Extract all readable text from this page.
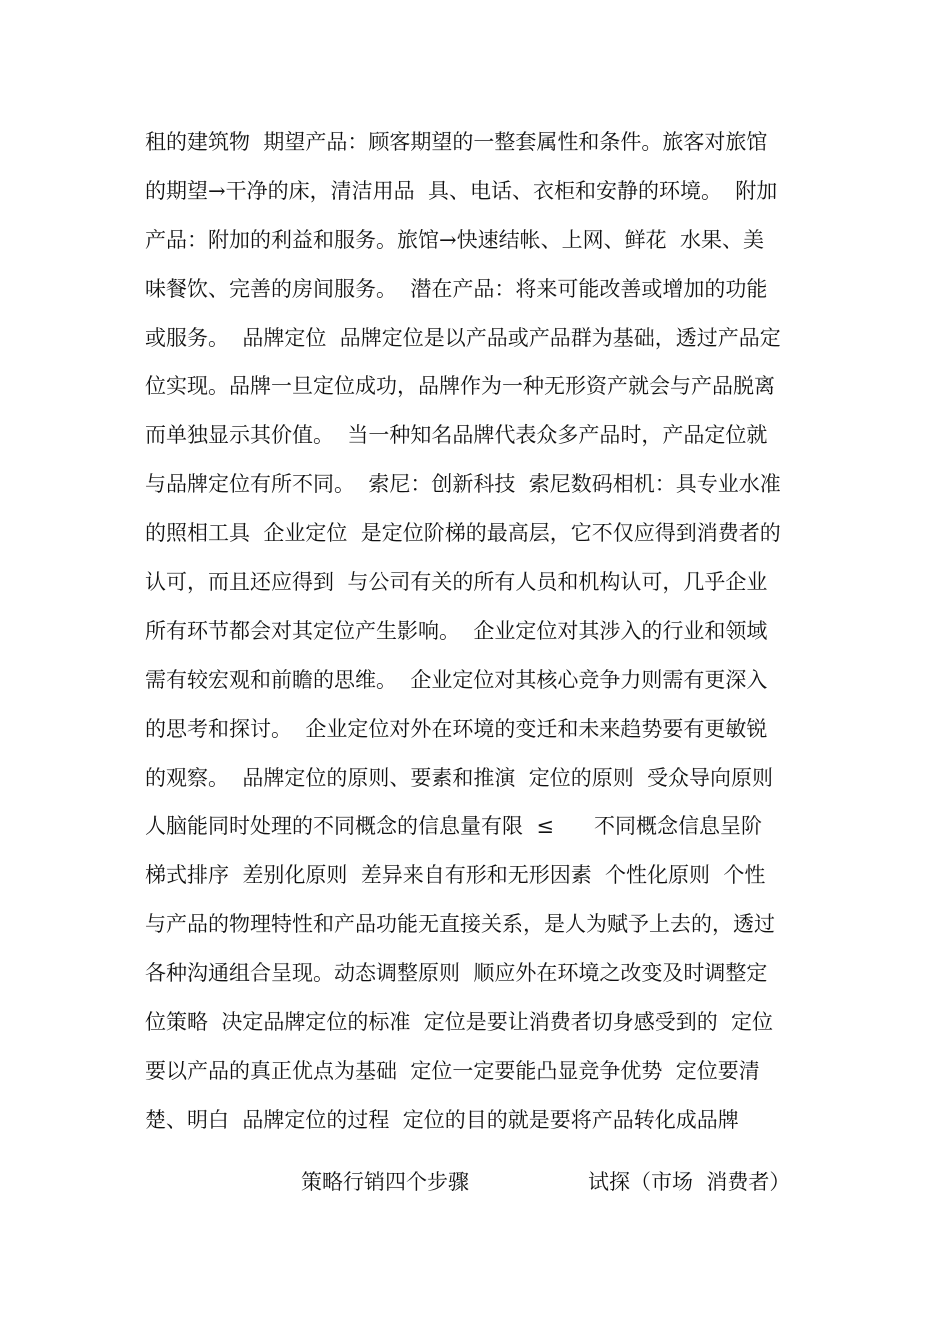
租的建筑物  期望产品：顾客期望的一整套属性和条件。旅客对旅馆
的期望→干净的床，清洁用品  具、电话、衣柜和安静的环境。  附加
产品：附加的利益和服务。旅馆→快速结帐、上网、鲜花  水果、美
味餐饮、完善的房间服务。  潜在产品：将来可能改善或增加的功能
或服务。  品牌定位  品牌定位是以产品或产品群为基础，透过产品定
位实现。品牌一旦定位成功，品牌作为一种无形资产就会与产品脱离
而单独显示其价值。  当一种知名品牌代表众多产品时，产品定位就
与品牌定位有所不同。  索尼：创新科技  索尼数码相机：具专业水准
的照相工具  企业定位  是定位阶梯的最高层，它不仅应得到消费者的
认可，而且还应得到  与公司有关的所有人员和机构认可，几乎企业
所有环节都会对其定位产生影响。  企业定位对其涉入的行业和领域
需有较宏观和前瞻的思维。  企业定位对其核心竞争力则需有更深入
的思考和探讨。  企业定位对外在环境的变迁和未来趋势要有更敏锐
的观察。  品牌定位的原则、要素和推演  定位的原则  受众导向原则
人脑能同时处理的不同概念的信息量有限  ≤      不同概念信息呈阶
梯式排序  差别化原则  差异来自有形和无形因素  个性化原则  个性
与产品的物理特性和产品功能无直接关系，是人为赋予上去的，透过
各种沟通组合呈现。动态调整原则  顺应外在环境之改变及时调整定
位策略  决定品牌定位的标准  定位是要让消费者切身感受到的  定位
要以产品的真正优点为基础  定位一定要能凸显竞争优势  定位要清
楚、明白  品牌定位的过程  定位的目的就是要将产品转化成品牌
策略行销四个步骤	试探（市场  消费者）
